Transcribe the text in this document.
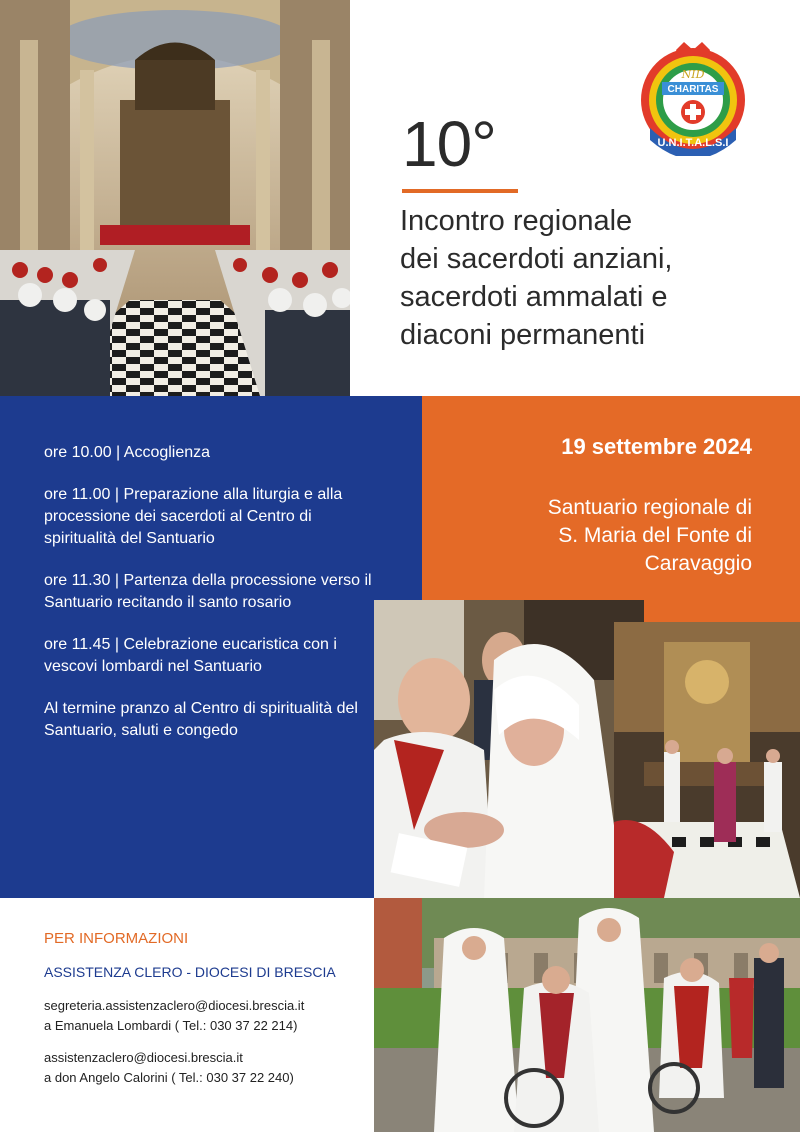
NID
CHARITAS
U.N.I.T.A.L.S.I
10°
Incontro regionale
dei sacerdoti anziani,
sacerdoti ammalati e
diaconi permanenti
19 settembre 2024
Santuario regionale di
S. Maria del Fonte di
Caravaggio
ore 10.00 | Accoglienza
ore 11.00 | Preparazione alla liturgia e alla processione dei sacerdoti al Centro di spiritualità del Santuario
ore 11.30 | Partenza della processione verso il Santuario recitando il santo rosario
ore 11.45 | Celebrazione eucaristica con i vescovi lombardi nel Santuario
Al termine pranzo al Centro di spiritualità del Santuario, saluti e congedo
PER INFORMAZIONI
ASSISTENZA CLERO - DIOCESI DI BRESCIA
segreteria.assistenzaclero@diocesi.brescia.it
a Emanuela Lombardi ( Tel.: 030 37 22 214)
assistenzaclero@diocesi.brescia.it
a don Angelo Calorini ( Tel.: 030 37 22 240)
